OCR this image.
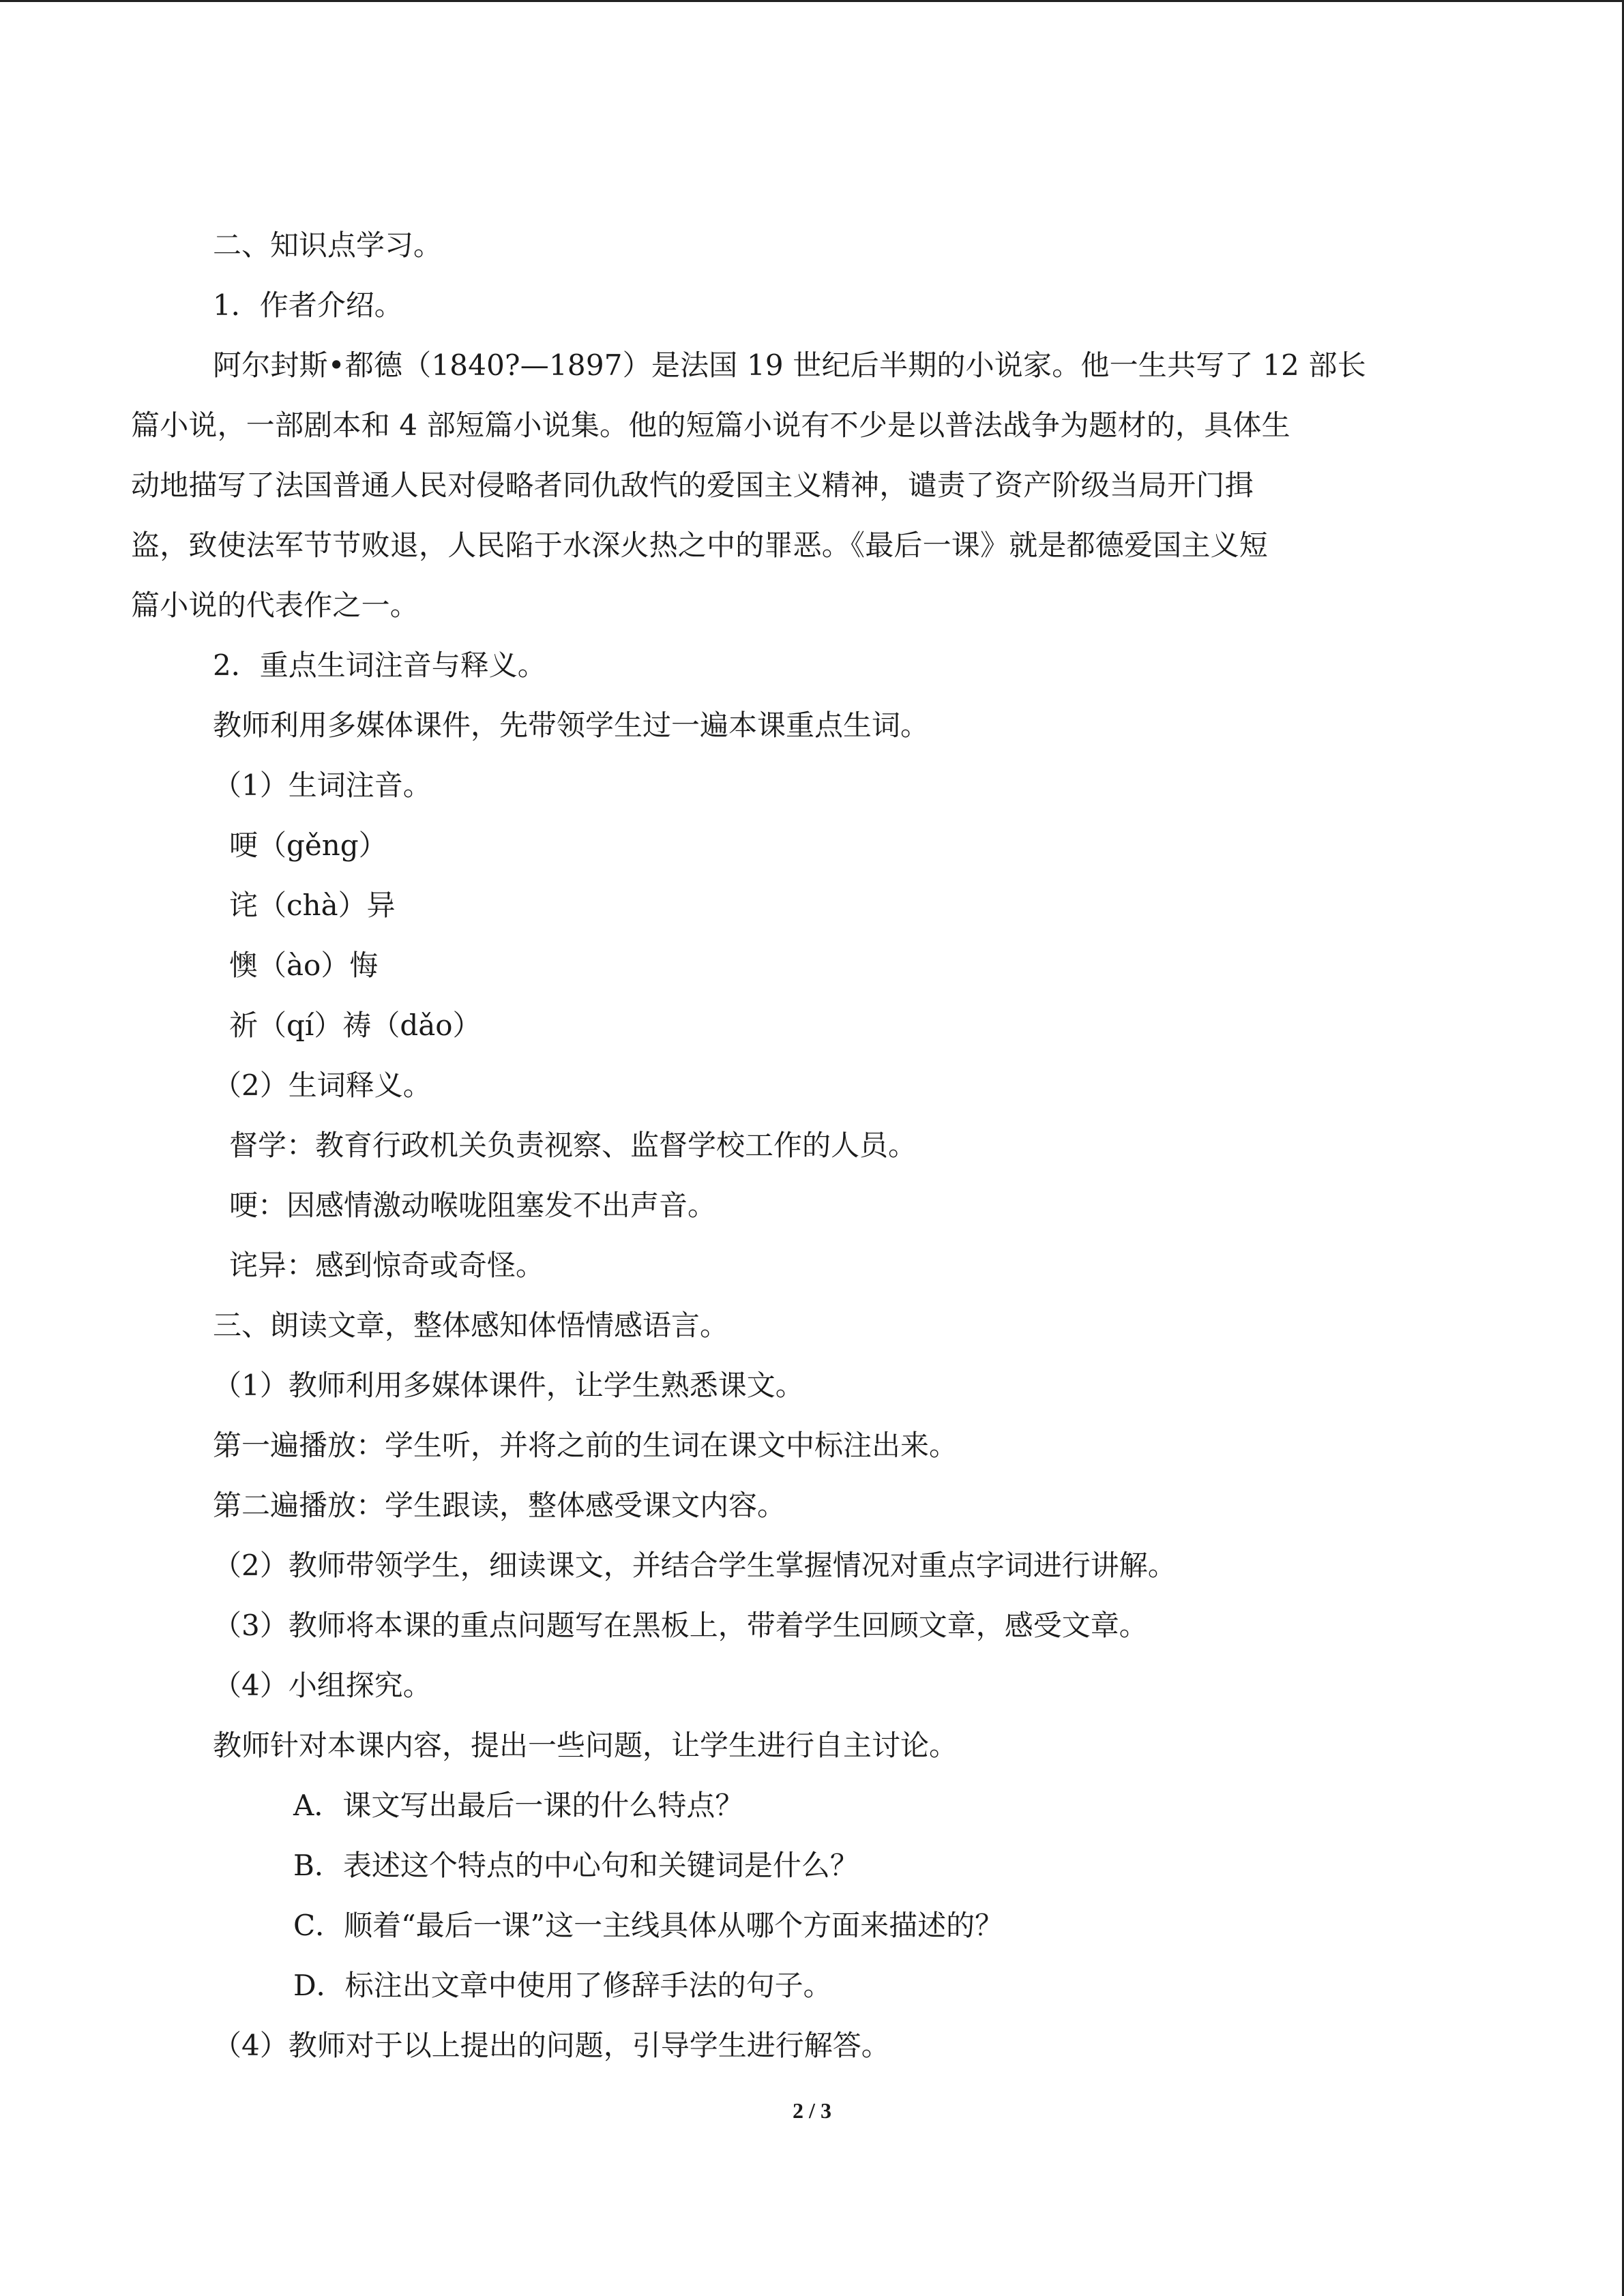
二、知识点学习。

1．作者介绍。

阿尔封斯•都德（1840?—1897）是法国 19 世纪后半期的小说家。他一生共写了 12 部长
篇小说，一部剧本和 4 部短篇小说集。他的短篇小说有不少是以普法战争为题材的，具体生
动地描写了法国普通人民对侵略者同仇敌忾的爱国主义精神，谴责了资产阶级当局开门揖
盗，致使法军节节败退，人民陷于水深火热之中的罪恶。《最后一课》就是都德爱国主义短
篇小说的代表作之一。

2．重点生词注音与释义。

教师利用多媒体课件，先带领学生过一遍本课重点生词。

（1）生词注音。

哽（gěng）

诧（chà）异

懊（ào）悔

祈（qí）祷（dǎo）

（2）生词释义。

督学：教育行政机关负责视察、监督学校工作的人员。

哽：因感情激动喉咙阻塞发不出声音。

诧异：感到惊奇或奇怪。

三、朗读文章，整体感知体悟情感语言。

（1）教师利用多媒体课件，让学生熟悉课文。

第一遍播放：学生听，并将之前的生词在课文中标注出来。

第二遍播放：学生跟读，整体感受课文内容。

（2）教师带领学生，细读课文，并结合学生掌握情况对重点字词进行讲解。

（3）教师将本课的重点问题写在黑板上，带着学生回顾文章，感受文章。

（4）小组探究。

教师针对本课内容，提出一些问题，让学生进行自主讨论。

A．课文写出最后一课的什么特点？

B．表述这个特点的中心句和关键词是什么？

C．顺着“最后一课”这一主线具体从哪个方面来描述的？

D．标注出文章中使用了修辞手法的句子。

（4）教师对于以上提出的问题，引导学生进行解答。

2 / 3
